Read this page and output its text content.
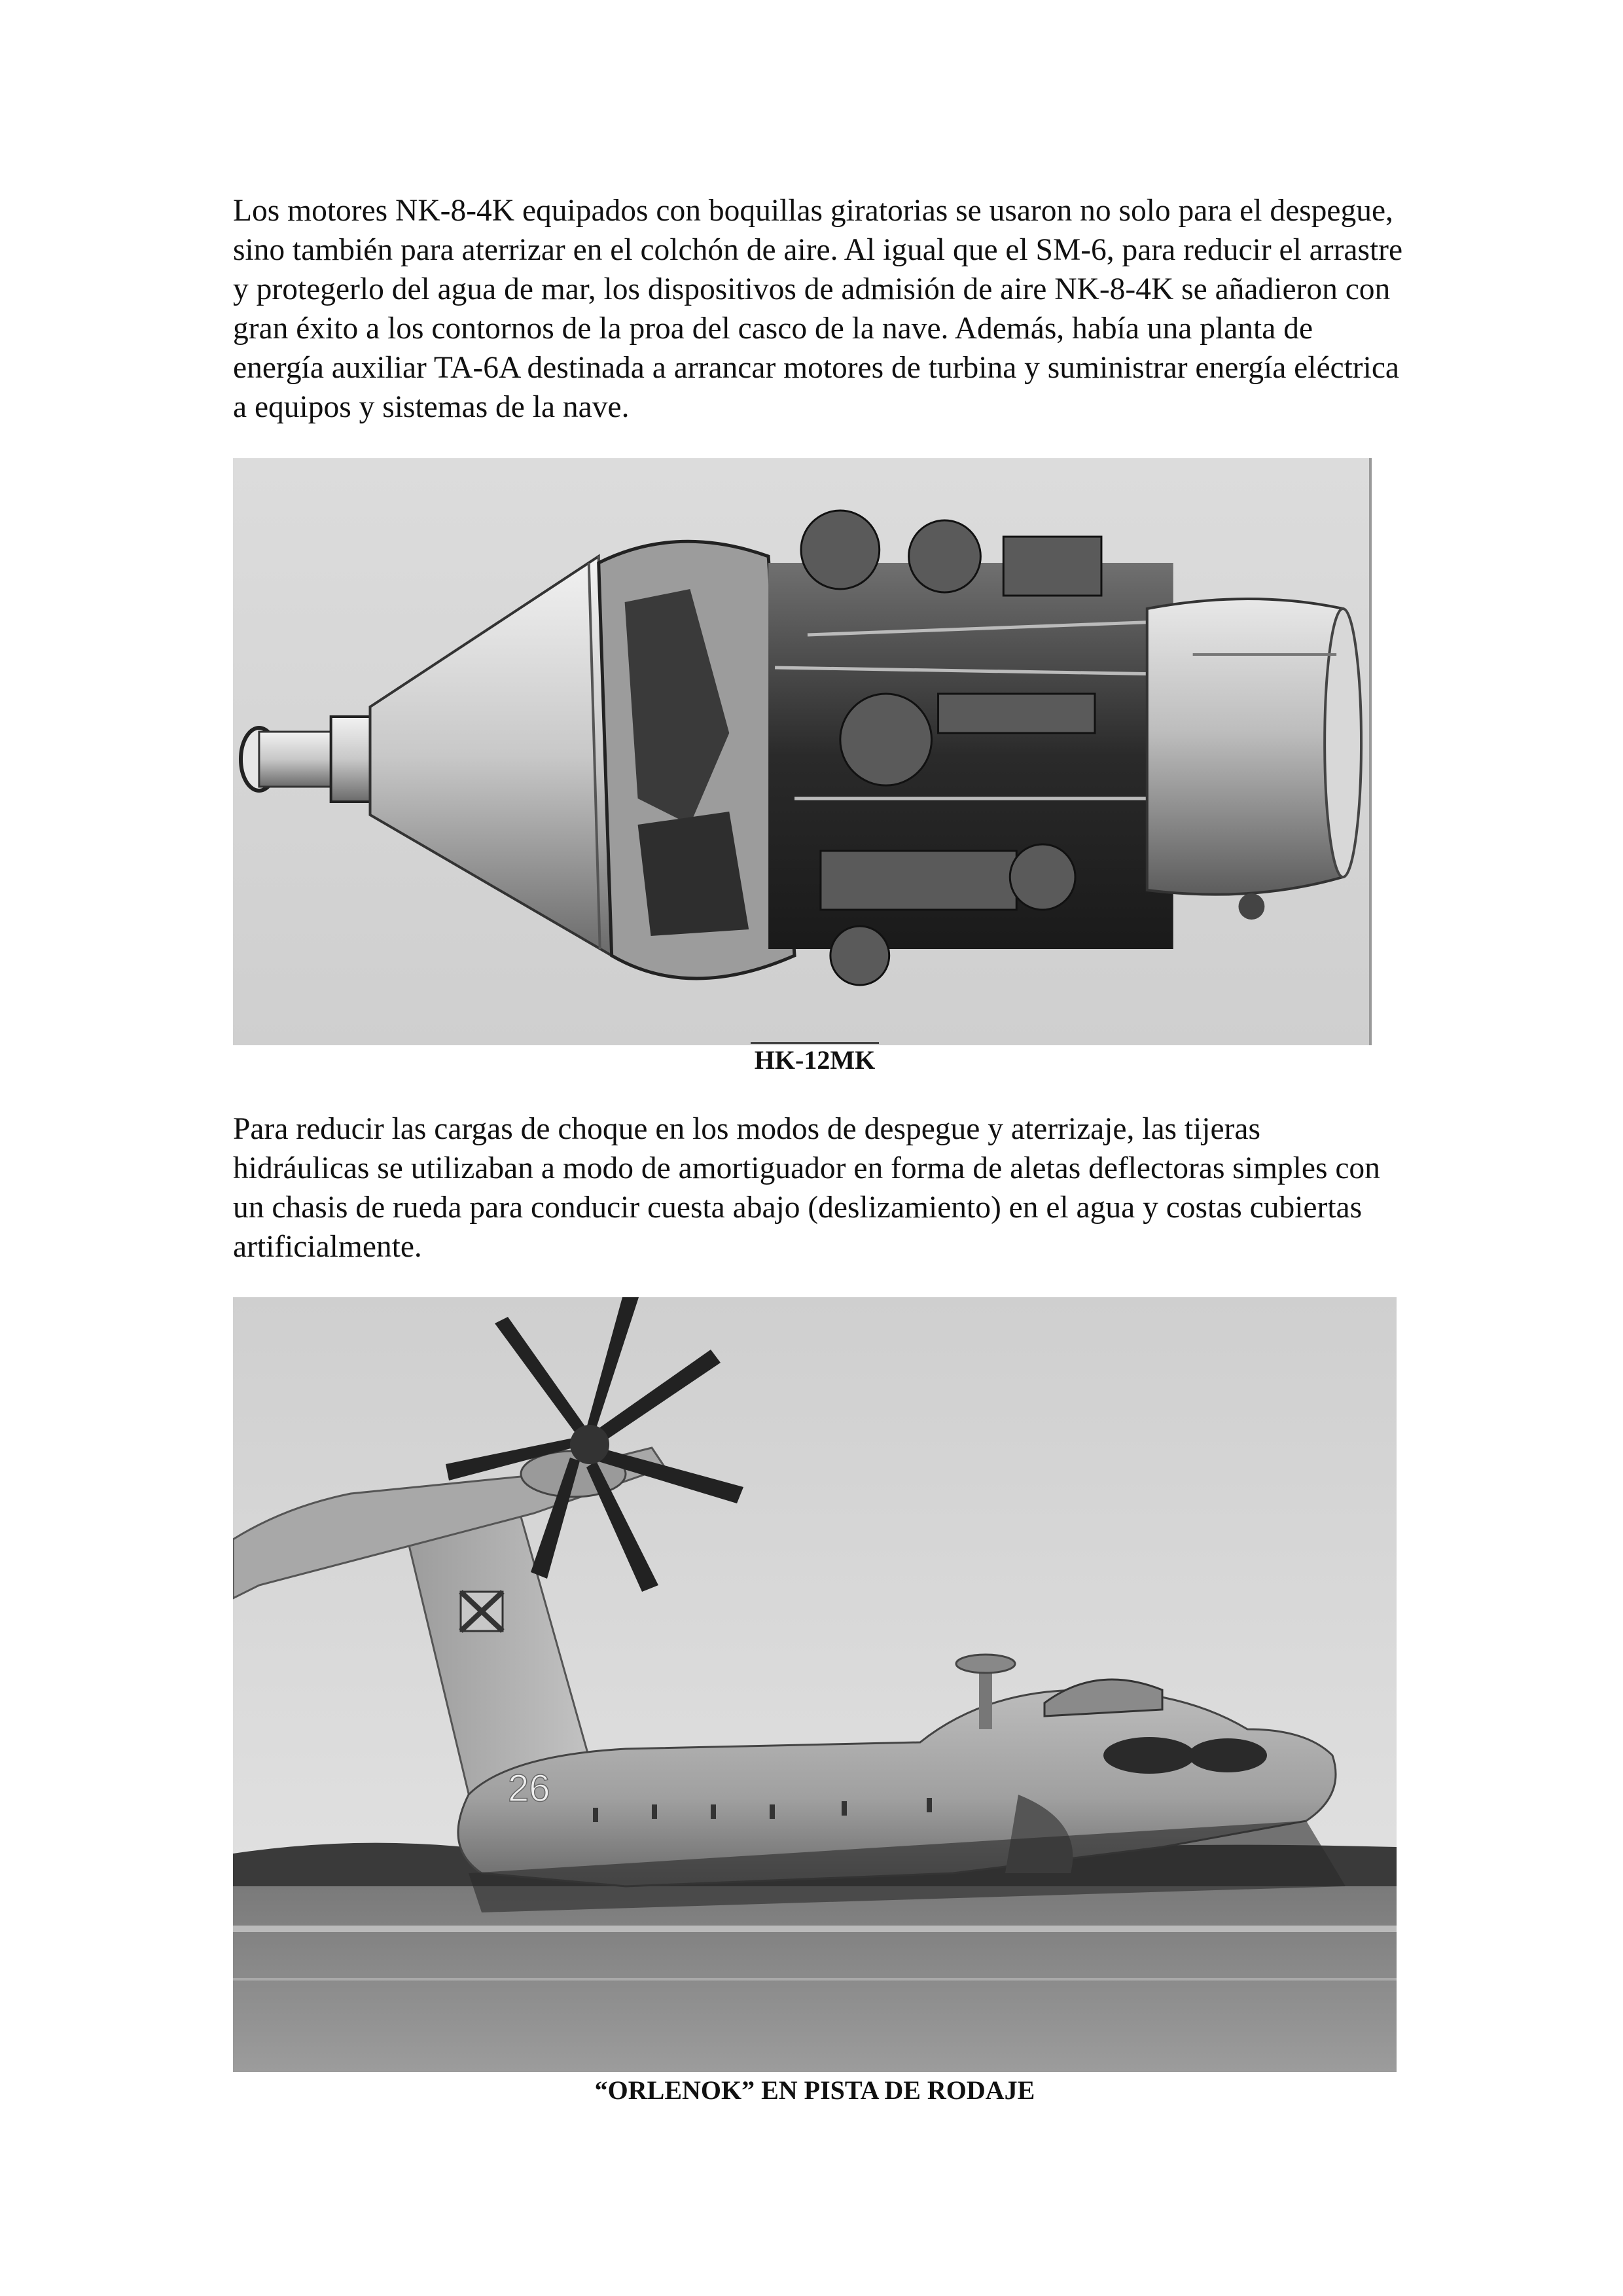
Los motores NK-8-4K equipados con boquillas giratorias se usaron no solo para el despegue, sino también para aterrizar en el colchón de aire. Al igual que el SM-6, para reducir el arrastre y protegerlo del agua de mar, los dispositivos de admisión de aire NK-8-4K se añadieron con gran éxito a los contornos de la proa del casco de la nave. Además, había una planta de energía auxiliar TA-6A destinada a arrancar motores de turbina y suministrar energía eléctrica a equipos y sistemas de la nave.

HK-12MK

Para reducir las cargas de choque en los modos de despegue y aterrizaje, las tijeras hidráulicas se utilizaban a modo de amortiguador en forma de aletas deflectoras simples con un chasis de rueda para conducir cuesta abajo (deslizamiento) en el agua y costas cubiertas artificialmente.

26

“ORLENOK” EN PISTA DE RODAJE
